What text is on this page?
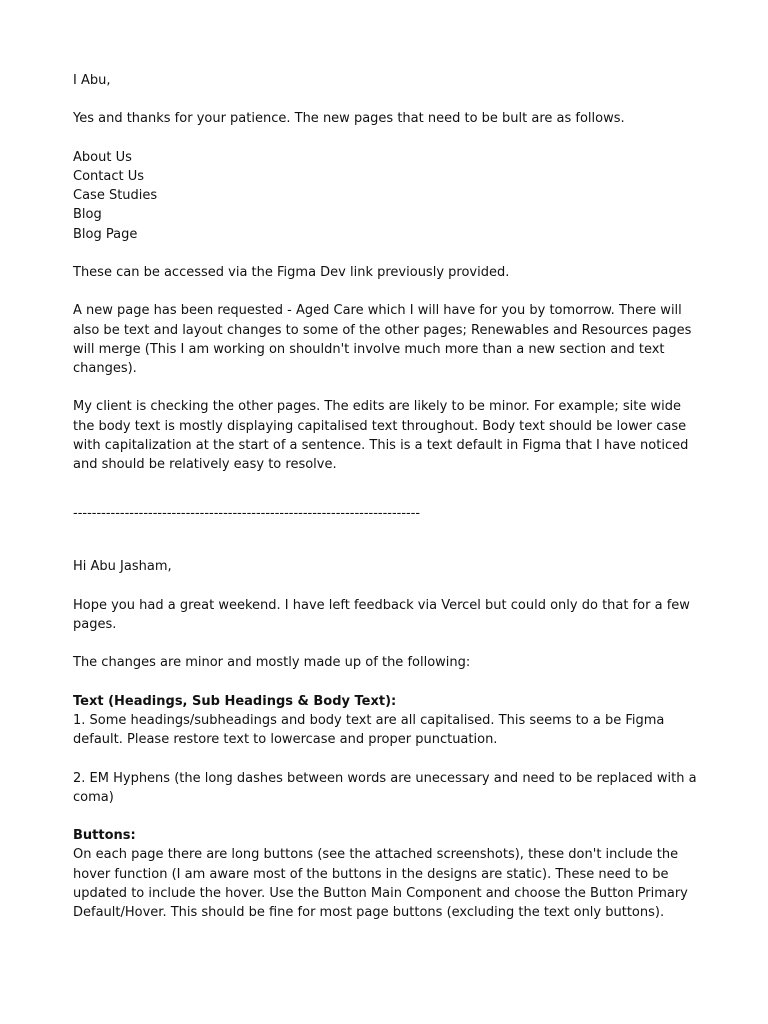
I Abu,

Yes and thanks for your patience. The new pages that need to be bult are as follows.

About Us

Contact Us

Case Studies

Blog

Blog Page

These can be accessed via the Figma Dev link previously provided.

A new page has been requested - Aged Care which I will have for you by tomorrow. There will also be text and layout changes to some of the other pages; Renewables and Resources pages will merge (This I am working on shouldn't involve much more than a new section and text changes).

My client is checking the other pages. The edits are likely to be minor. For example; site wide the body text is mostly displaying capitalised text throughout. Body text should be lower case with capitalization at the start of a sentence. This is a text default in Figma that I have noticed and should be relatively easy to resolve.

--------------------------------------------------------------------------

Hi Abu Jasham,

Hope you had a great weekend. I have left feedback via Vercel but could only do that for a few pages.

The changes are minor and mostly made up of the following:

Text (Headings, Sub Headings & Body Text):

1. Some headings/subheadings and body text are all capitalised. This seems to a be Figma default. Please restore text to lowercase and proper punctuation.

2. EM Hyphens (the long dashes between words are unecessary and need to be replaced with a coma)

Buttons:

On each page there are long buttons (see the attached screenshots), these don't include the hover function (I am aware most of the buttons in the designs are static). These need to be updated to include the hover. Use the Button Main Component and choose the Button Primary Default/Hover. This should be fine for most page buttons (excluding the text only buttons).
